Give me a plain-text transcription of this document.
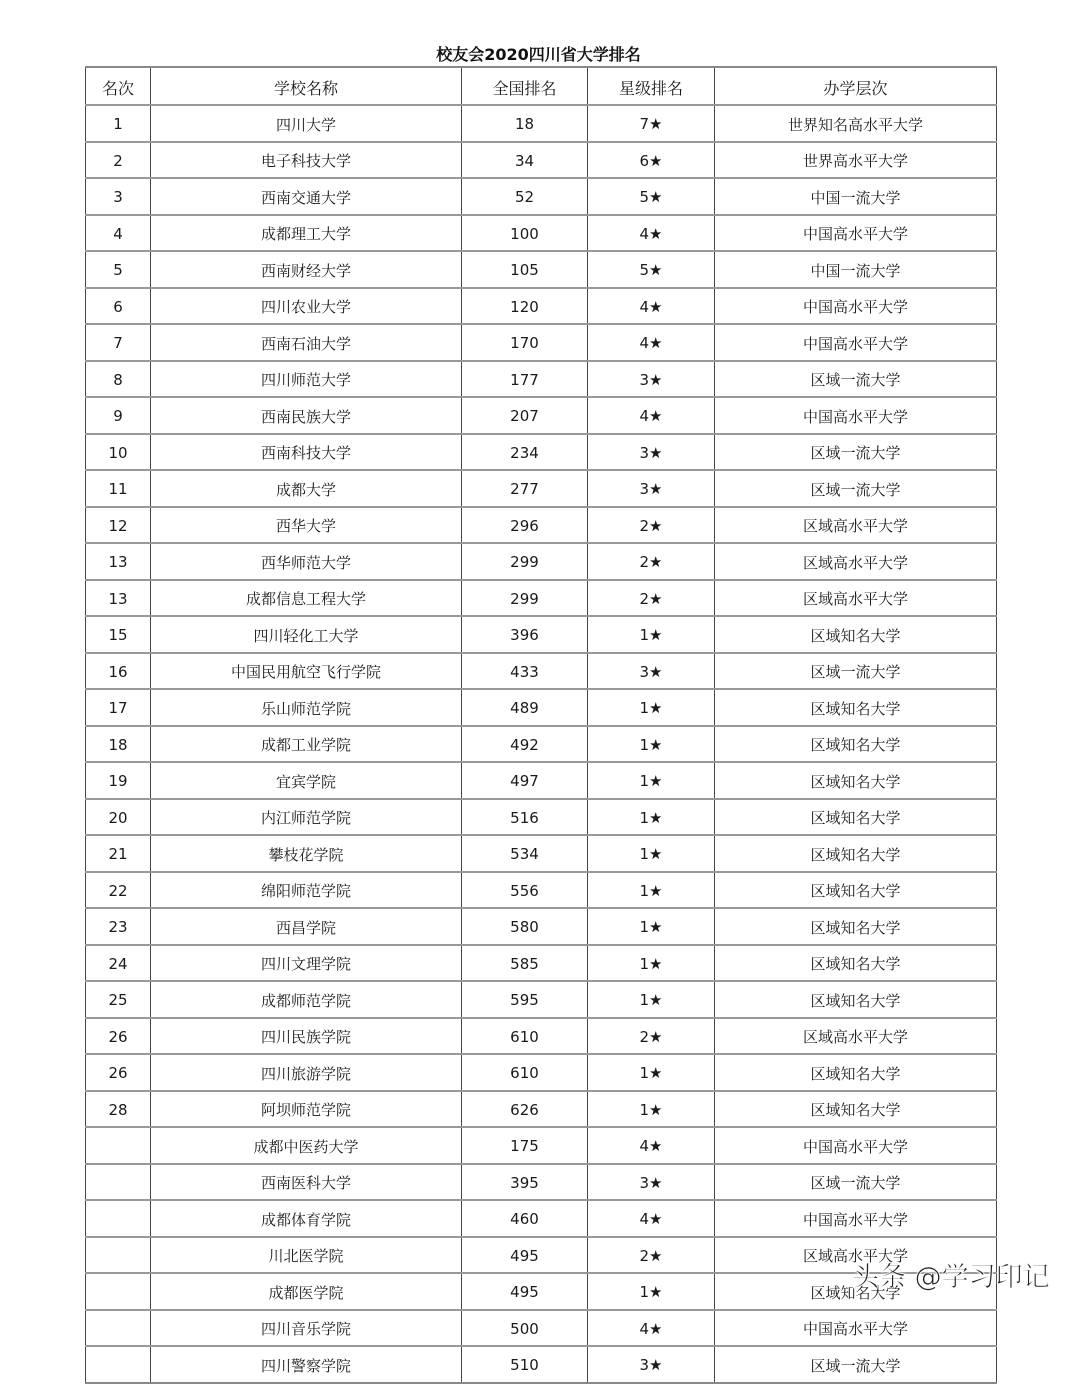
校友会2020四川省大学排名
名次	学校名称	全国排名	星级排名	办学层次
1	四川大学	18	7★	世界知名高水平大学
2	电子科技大学	34	6★	世界高水平大学
3	西南交通大学	52	5★	中国一流大学
4	成都理工大学	100	4★	中国高水平大学
5	西南财经大学	105	5★	中国一流大学
6	四川农业大学	120	4★	中国高水平大学
7	西南石油大学	170	4★	中国高水平大学
8	四川师范大学	177	3★	区域一流大学
9	西南民族大学	207	4★	中国高水平大学
10	西南科技大学	234	3★	区域一流大学
11	成都大学	277	3★	区域一流大学
12	西华大学	296	2★	区域高水平大学
13	西华师范大学	299	2★	区域高水平大学
13	成都信息工程大学	299	2★	区域高水平大学
15	四川轻化工大学	396	1★	区域知名大学
16	中国民用航空飞行学院	433	3★	区域一流大学
17	乐山师范学院	489	1★	区域知名大学
18	成都工业学院	492	1★	区域知名大学
19	宜宾学院	497	1★	区域知名大学
20	内江师范学院	516	1★	区域知名大学
21	攀枝花学院	534	1★	区域知名大学
22	绵阳师范学院	556	1★	区域知名大学
23	西昌学院	580	1★	区域知名大学
24	四川文理学院	585	1★	区域知名大学
25	成都师范学院	595	1★	区域知名大学
26	四川民族学院	610	2★	区域高水平大学
26	四川旅游学院	610	1★	区域知名大学
28	阿坝师范学院	626	1★	区域知名大学
	成都中医药大学	175	4★	中国高水平大学
	西南医科大学	395	3★	区域一流大学
	成都体育学院	460	4★	中国高水平大学
	川北医学院	495	2★	区域高水平大学
	成都医学院	495	1★	区域知名大学
	四川音乐学院	500	4★	中国高水平大学
	四川警察学院	510	3★	区域一流大学
头条 @学习印记
